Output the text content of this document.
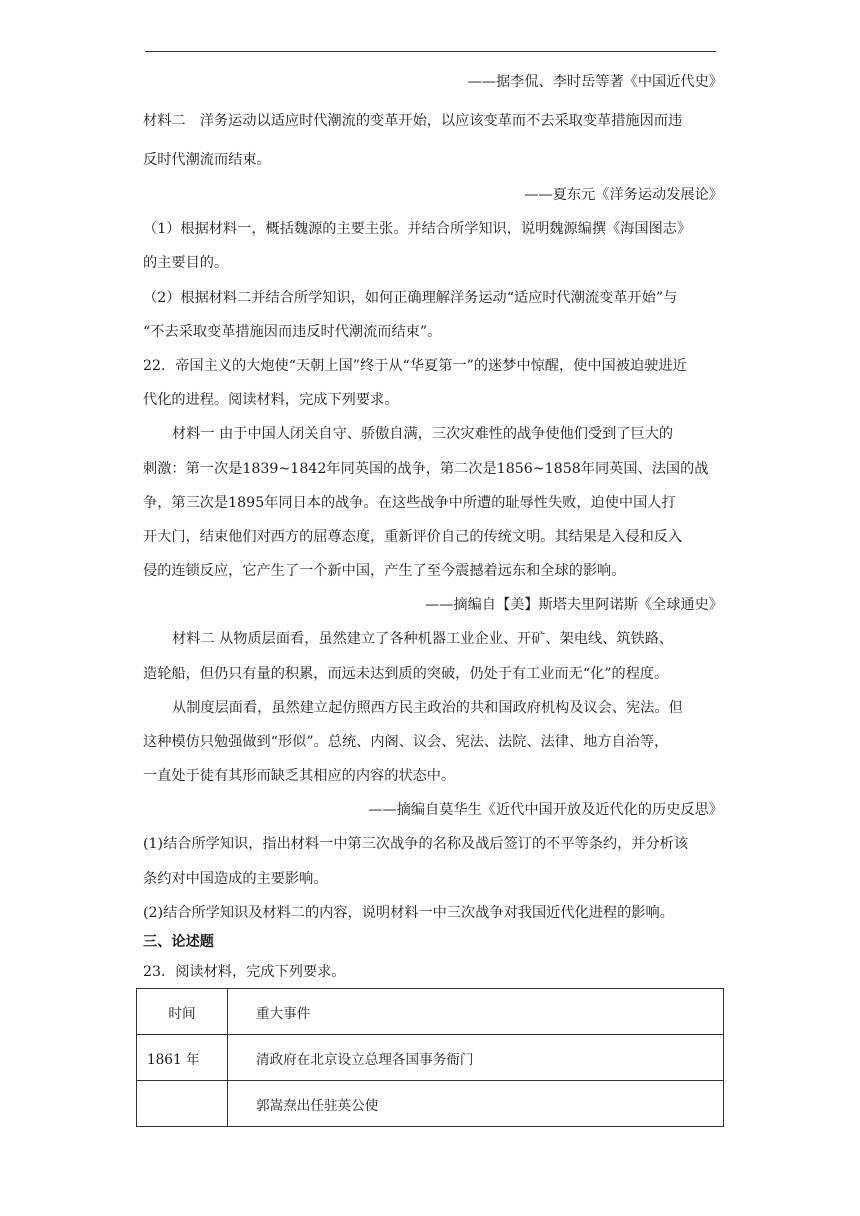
——据李侃、李时岳等著《中国近代史》
材料二　洋务运动以适应时代潮流的变革开始，以应该变革而不去采取变革措施因而违
反时代潮流而结束。
——夏东元《洋务运动发展论》
（1）根据材料一，概括魏源的主要主张。并结合所学知识，说明魏源编撰《海国图志》
的主要目的。
（2）根据材料二并结合所学知识，如何正确理解洋务运动“适应时代潮流变革开始”与
“不去采取变革措施因而违反时代潮流而结束”。
22．帝国主义的大炮使“天朝上国”终于从“华夏第一”的迷梦中惊醒，使中国被迫驶进近
代化的进程。阅读材料，完成下列要求。
材料一 由于中国人闭关自守、骄傲自满，三次灾难性的战争使他们受到了巨大的
刺激：第一次是1839~1842年同英国的战争，第二次是1856~1858年同英国、法国的战
争，第三次是1895年同日本的战争。在这些战争中所遭的耻辱性失败，迫使中国人打
开大门，结束他们对西方的屈尊态度，重新评价自己的传统文明。其结果是入侵和反入
侵的连锁反应，它产生了一个新中国，产生了至今震撼着远东和全球的影响。
——摘编自【美】斯塔夫里阿诺斯《全球通史》
材料二 从物质层面看，虽然建立了各种机器工业企业、开矿、架电线、筑铁路、
造轮船，但仍只有量的积累，而远未达到质的突破，仍处于有工业而无“化”的程度。
从制度层面看，虽然建立起仿照西方民主政治的共和国政府机构及议会、宪法。但
这种模仿只勉强做到“形似”。总统、内阁、议会、宪法、法院、法律、地方自治等，
一直处于徒有其形而缺乏其相应的内容的状态中。
——摘编自莫华生《近代中国开放及近代化的历史反思》
(1)结合所学知识，指出材料一中第三次战争的名称及战后签订的不平等条约，并分析该
条约对中国造成的主要影响。
(2)结合所学知识及材料二的内容，说明材料一中三次战争对我国近代化进程的影响。
三、论述题
23．阅读材料，完成下列要求。
时间	重大事件
1861 年	清政府在北京设立总理各国事务衙门
	郭嵩焘出任驻英公使
